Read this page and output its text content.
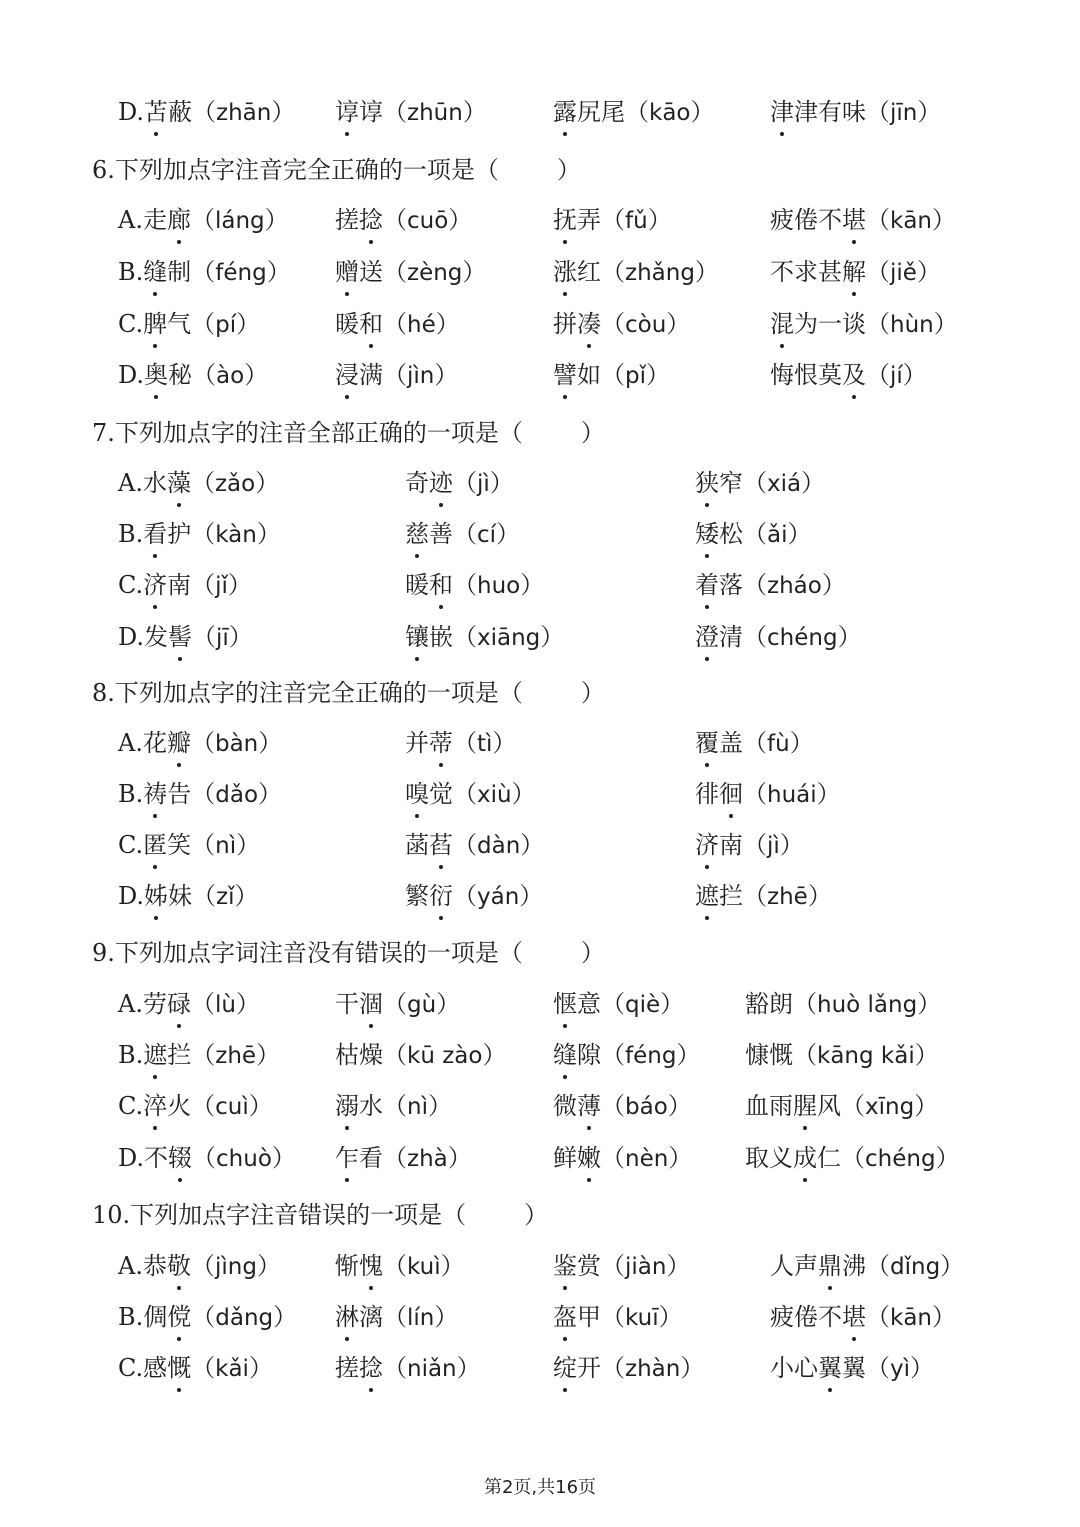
D.苫蔽（zhān） 谆谆（zhūn）	露尻尾（kāo） 津津有味（jīn）
6.下列加点字注音完全正确的一项是（ ）
A.走廊（láng） 搓捻（cuō）	抚弄（fǔ）	疲倦不堪（kān）
B.缝制（féng） 赠送（zèng）	涨红（zhǎng） 不求甚解（jiě）
C.脾气（pí）	暖和（hé）	拼凑（còu）	混为一谈（hùn）
D.奥秘（ào）	浸满（jìn）	譬如（pǐ）	悔恨莫及（jí）
7.下列加点字的注音全部正确的一项是（ ）
A.水藻（zǎo）	奇迹（jì）	狭窄（xiá）
B.看护（kàn）	慈善（cí）	矮松（ǎi）
C.济南（jǐ）	暖和（huo）	着落（zháo）
D.发髻（jī）	镶嵌（xiāng）	澄清（chéng）
8.下列加点字的注音完全正确的一项是（ ）
A.花瓣（bàn）	并蒂（tì）	覆盖（fù）
B.祷告（dǎo）	嗅觉（xiù）	徘徊（huái）
C.匿笑（nì）	菡萏（dàn）	济南（jì）
D.姊妹（zǐ）	繁衍（yán）	遮拦（zhē）
9.下列加点字词注音没有错误的一项是（ ）
A.劳碌（lù）	干涸（gù）	惬意（qiè）	豁朗（huò lǎng）
B.遮拦（zhē） 枯燥（kū zào） 缝隙（féng） 慷慨（kāng kǎi）
C.淬火（cuì）	溺水（nì）	微薄（báo） 血雨腥风（xīng）
D.不辍（chuò） 乍看（zhà）	鲜嫩（nèn） 取义成仁（chéng）
10.下列加点字注音错误的一项是（ ）
A.恭敬（jìng） 惭愧（kuì）	鉴赏（jiàn）	人声鼎沸（dǐng）
B.倜傥（dǎng） 淋漓（lín）	盔甲（kuī）	疲倦不堪（kān）
C.感慨（kǎi）	搓捻（niǎn）	绽开（zhàn）	小心翼翼（yì）
第2页,共16页
